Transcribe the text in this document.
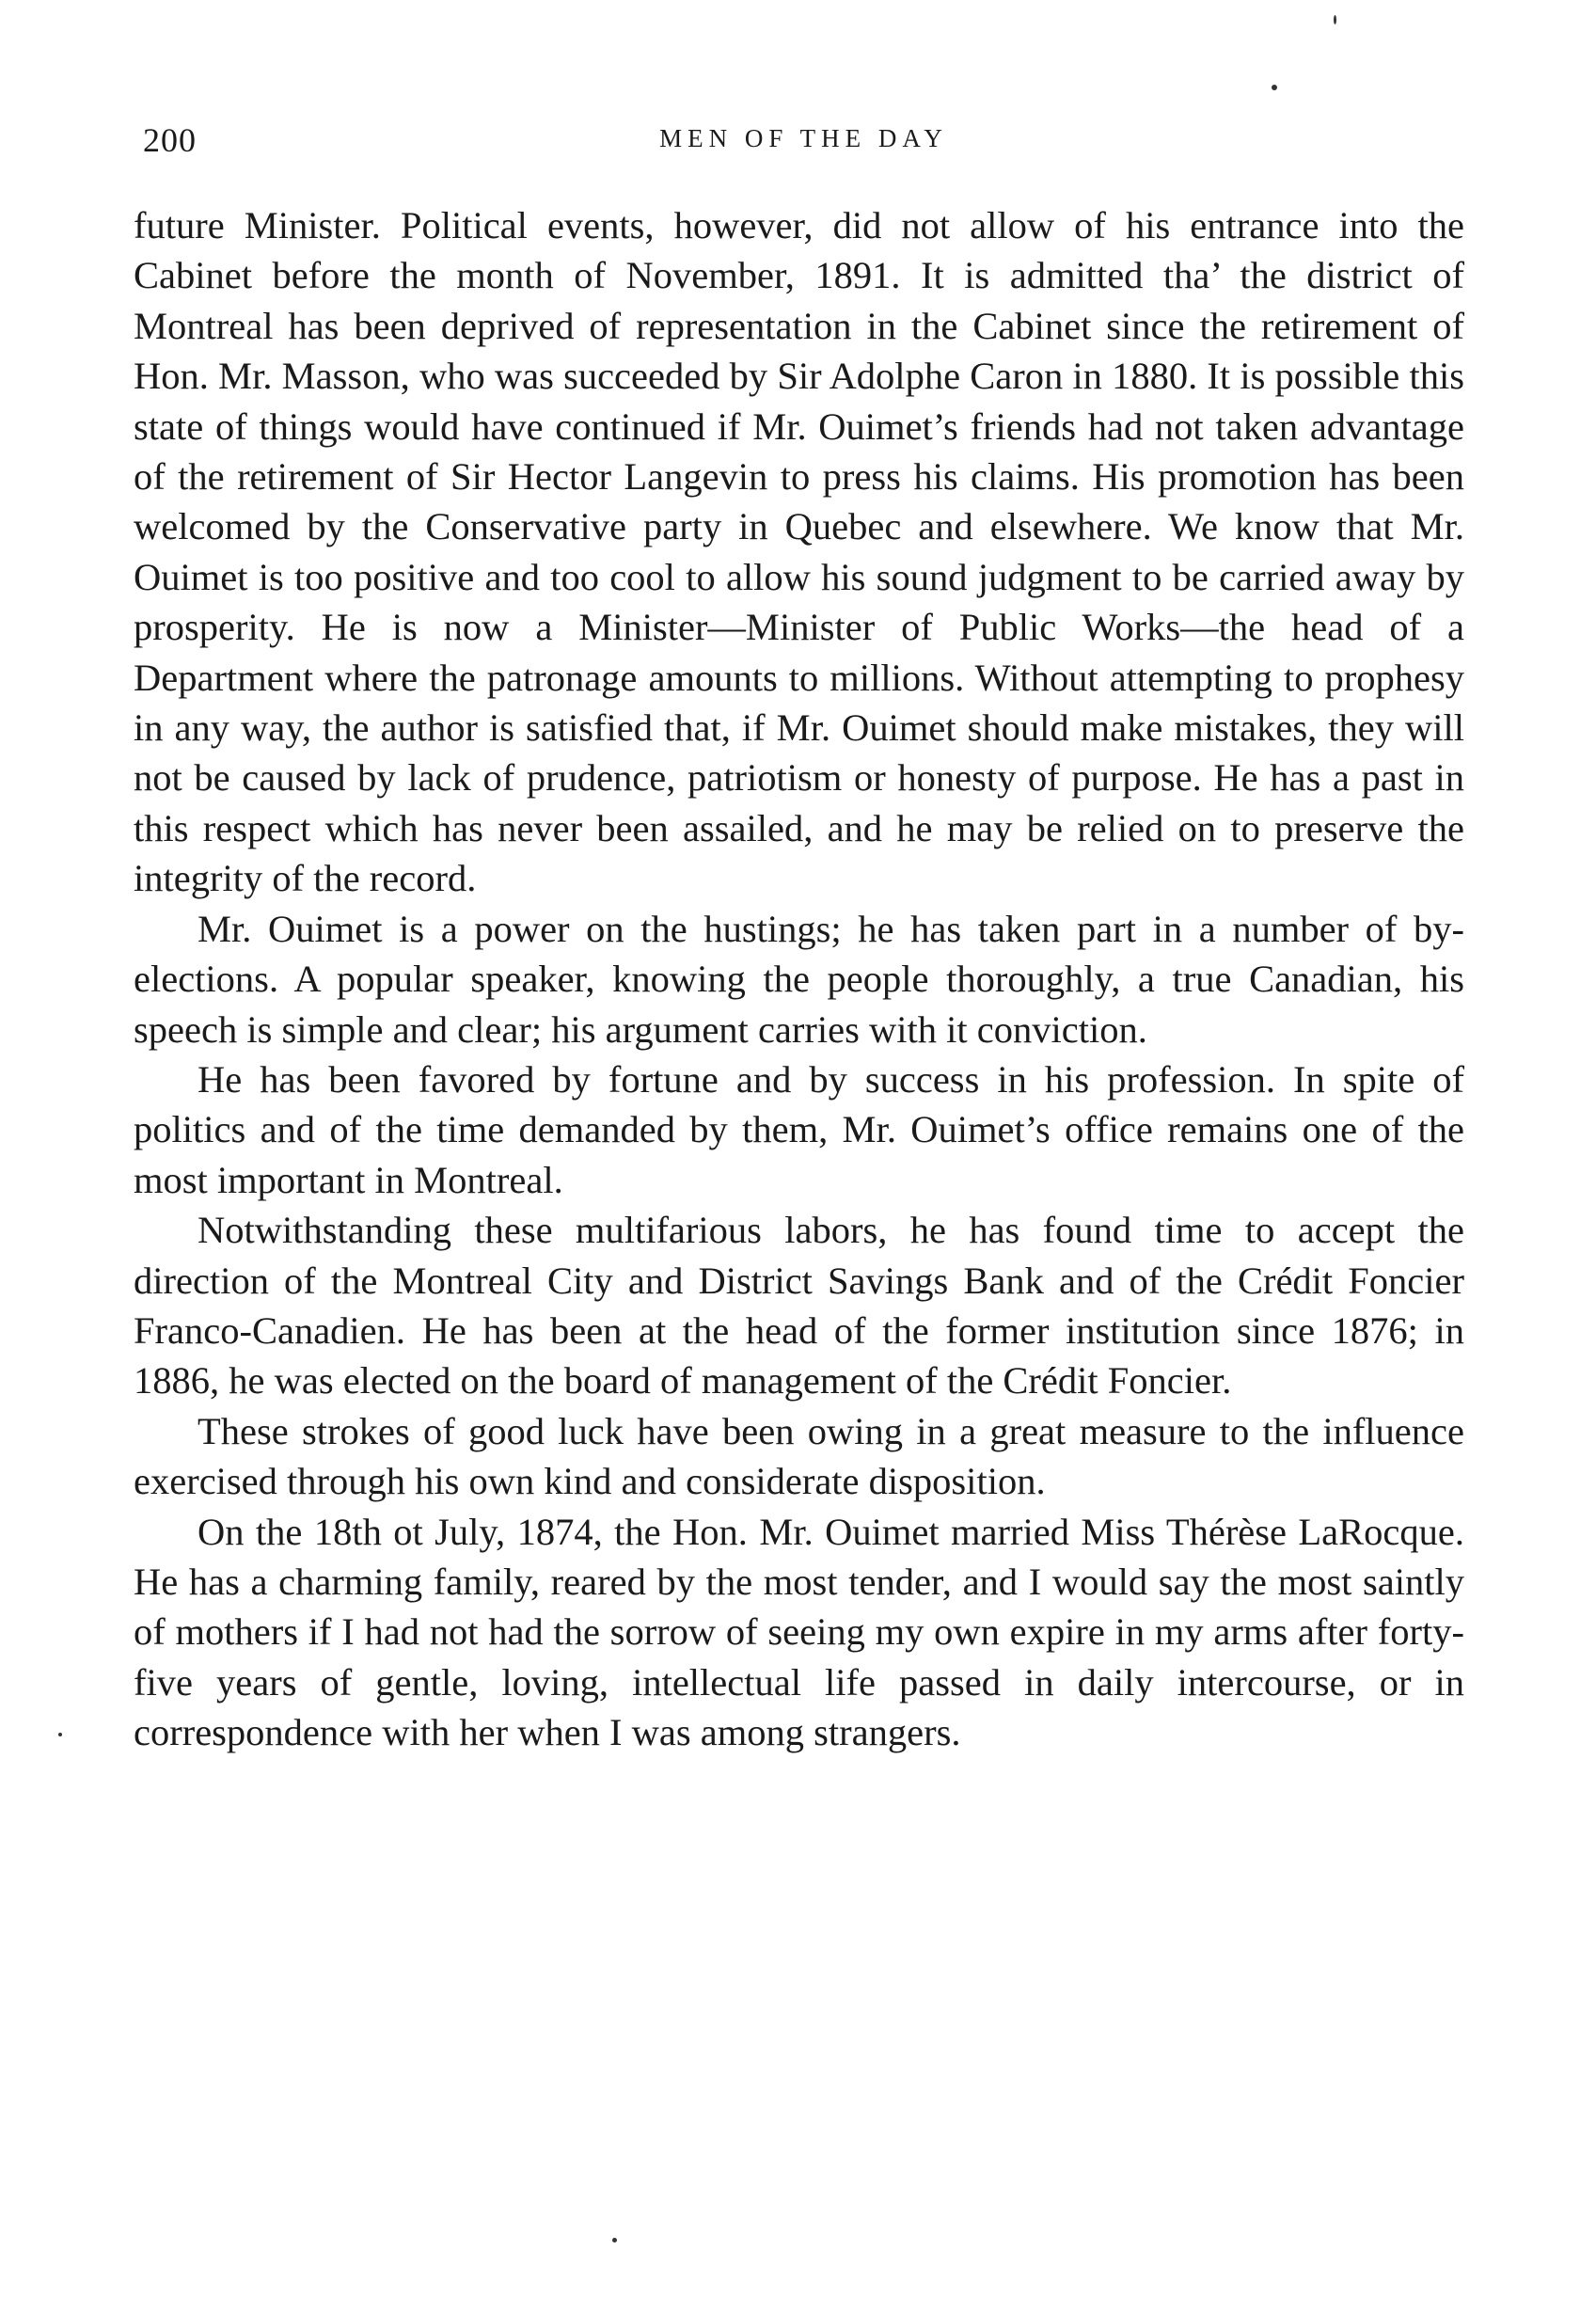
200	MEN OF THE DAY

future Minister. Political events, however, did not allow of his entrance into the Cabinet before the month of November, 1891. It is admitted tha’ the district of Montreal has been deprived of representation in the Cabinet since the retirement of Hon. Mr. Masson, who was succeeded by Sir Adolphe Caron in 1880. It is possible this state of things would have continued if Mr. Ouimet’s friends had not taken advantage of the retirement of Sir Hector Langevin to press his claims. His promotion has been welcomed by the Conservative party in Quebec and elsewhere. We know that Mr. Ouimet is too positive and too cool to allow his sound judgment to be carried away by prosperity. He is now a Minister—Minister of Public Works—the head of a Department where the patronage amounts to millions. Without attempting to prophesy in any way, the author is satisfied that, if Mr. Ouimet should make mistakes, they will not be caused by lack of prudence, patriotism or honesty of purpose. He has a past in this respect which has never been assailed, and he may be relied on to preserve the integrity of the record.

Mr. Ouimet is a power on the hustings; he has taken part in a number of by-elections. A popular speaker, knowing the people thoroughly, a true Canadian, his speech is simple and clear; his argument carries with it conviction.

He has been favored by fortune and by success in his profession. In spite of politics and of the time demanded by them, Mr. Ouimet’s office remains one of the most important in Montreal.

Notwithstanding these multifarious labors, he has found time to accept the direction of the Montreal City and District Savings Bank and of the Crédit Foncier Franco-Canadien. He has been at the head of the former institution since 1876; in 1886, he was elected on the board of management of the Crédit Foncier.

These strokes of good luck have been owing in a great measure to the influence exercised through his own kind and considerate disposition.

On the 18th ot July, 1874, the Hon. Mr. Ouimet married Miss Thérèse LaRocque. He has a charming family, reared by the most tender, and I would say the most saintly of mothers if I had not had the sorrow of seeing my own expire in my arms after forty-five years of gentle, loving, intellectual life passed in daily intercourse, or in correspondence with her when I was among strangers.
